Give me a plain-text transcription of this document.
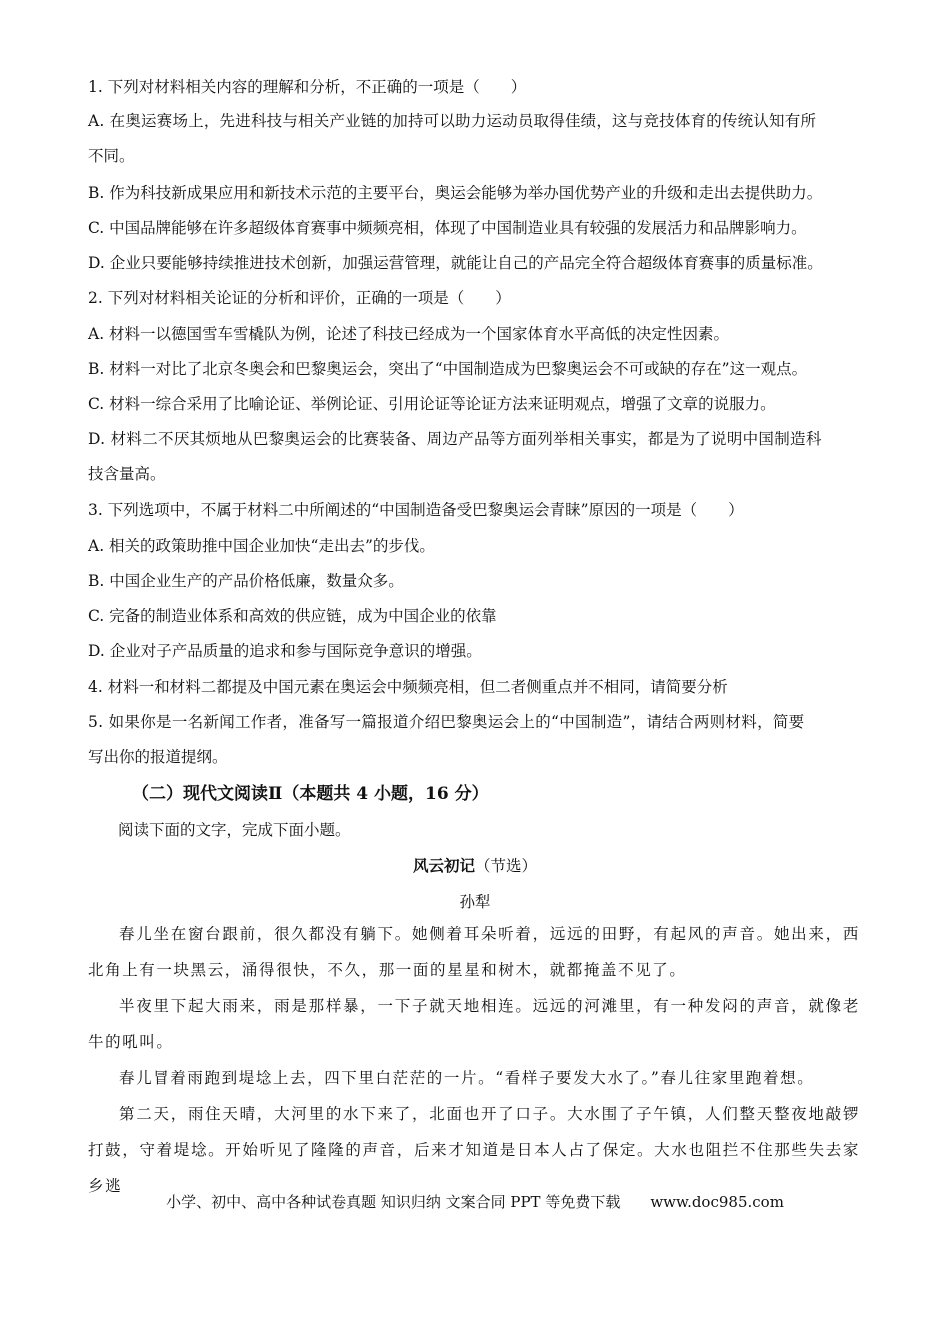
1. 下列对材料相关内容的理解和分析，不正确的一项是（　　）
A. 在奥运赛场上，先进科技与相关产业链的加持可以助力运动员取得佳绩，这与竞技体育的传统认知有所
不同。
B. 作为科技新成果应用和新技术示范的主要平台，奥运会能够为举办国优势产业的升级和走出去提供助力。
C. 中国品牌能够在许多超级体育赛事中频频亮相，体现了中国制造业具有较强的发展活力和品牌影响力。
D. 企业只要能够持续推进技术创新，加强运营管理，就能让自己的产品完全符合超级体育赛事的质量标准。
2. 下列对材料相关论证的分析和评价，正确的一项是（　　）
A. 材料一以德国雪车雪橇队为例，论述了科技已经成为一个国家体育水平高低的决定性因素。
B. 材料一对比了北京冬奥会和巴黎奥运会，突出了“中国制造成为巴黎奥运会不可或缺的存在”这一观点。
C. 材料一综合采用了比喻论证、举例论证、引用论证等论证方法来证明观点，增强了文章的说服力。
D. 材料二不厌其烦地从巴黎奥运会的比赛装备、周边产品等方面列举相关事实，都是为了说明中国制造科
技含量高。
3. 下列选项中，不属于材料二中所阐述的“中国制造备受巴黎奥运会青睐”原因的一项是（　　）
A. 相关的政策助推中国企业加快“走出去”的步伐。
B. 中国企业生产的产品价格低廉，数量众多。
C. 完备的制造业体系和高效的供应链，成为中国企业的依靠
D. 企业对子产品质量的追求和参与国际竞争意识的增强。
4. 材料一和材料二都提及中国元素在奥运会中频频亮相，但二者侧重点并不相同，请简要分析
5. 如果你是一名新闻工作者，准备写一篇报道介绍巴黎奥运会上的“中国制造”，请结合两则材料，简要
写出你的报道提纲。
（二）现代文阅读Ⅱ（本题共 4 小题，16 分）
阅读下面的文字，完成下面小题。
风云初记（节选）
孙犁
春儿坐在窗台跟前，很久都没有躺下。她侧着耳朵听着，远远的田野，有起风的声音。她出来，西北角上有一块黑云，涌得很快，不久，那一面的星星和树木，就都掩盖不见了。
半夜里下起大雨来，雨是那样暴，一下子就天地相连。远远的河滩里，有一种发闷的声音，就像老牛的吼叫。
春儿冒着雨跑到堤埝上去，四下里白茫茫的一片。“看样子要发大水了。”春儿往家里跑着想。
第二天，雨住天晴，大河里的水下来了，北面也开了口子。大水围了子午镇，人们整天整夜地敲锣打鼓，守着堤埝。开始听见了隆隆的声音，后来才知道是日本人占了保定。大水也阻拦不住那些失去家乡逃
小学、初中、高中各种试卷真题 知识归纳 文案合同 PPT 等免费下载 www.doc985.com
